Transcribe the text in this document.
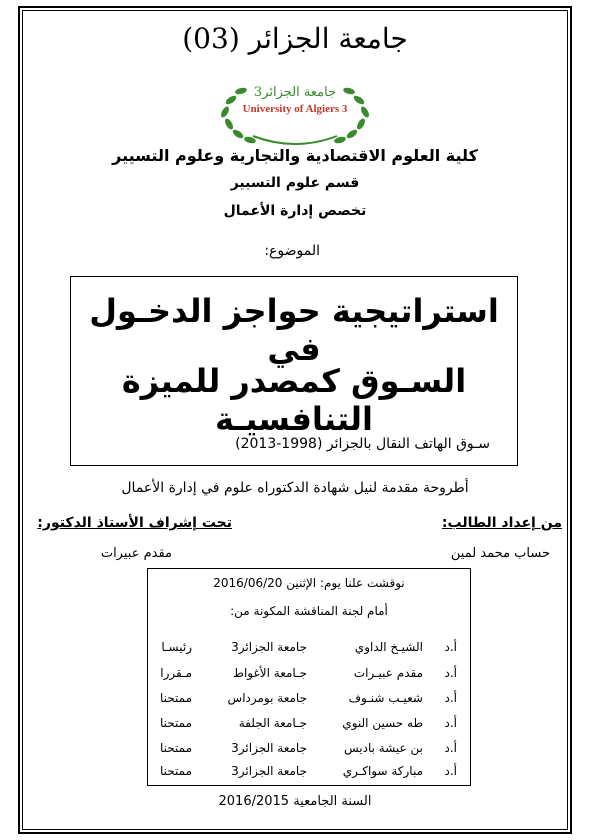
جامعة الجزائر (03)
جامعة الجزائر3
University of Algiers 3
كلية العلوم الاقتصادية والتجارية وعلوم التسيير
قسم علوم التسيير
تخصص إدارة الأعمال
الموضوع:
استراتيجية حواجز الدخـول في
السـوق كمصدر للميزة التنافسيـة
سـوق الهاتف النقال بالجزائر (1998-2013)
أطروحة مقدمة لنيل شهادة الدكتوراه علوم في إدارة الأعمال
من إعداد الطالب:
تحت إشراف الأستاذ الدكتور:
حساب محمد لمين
مقدم عبيرات
نوقشت علنا يوم: الإثنين 2016/06/20
أمام لجنة المناقشة المكونة من:
أ.د
الشيـخ الداوي
جامعة الجزائر3
رئيسـا
أ.د
مقدم عبيـرات
جـامعة الأغواط
مـقررا
أ.د
شعيـب شنـوف
جامعة بومرداس
ممتحنا
أ.د
طه حسين النوي
جـامعة الجلفة
ممتحنا
أ.د
بن عيشة باديس
جامعة الجزائر3
ممتحنا
أ.د
مباركة سواكـري
جامعة الجزائر3
ممتحنا
السنة الجامعية 2016/2015
